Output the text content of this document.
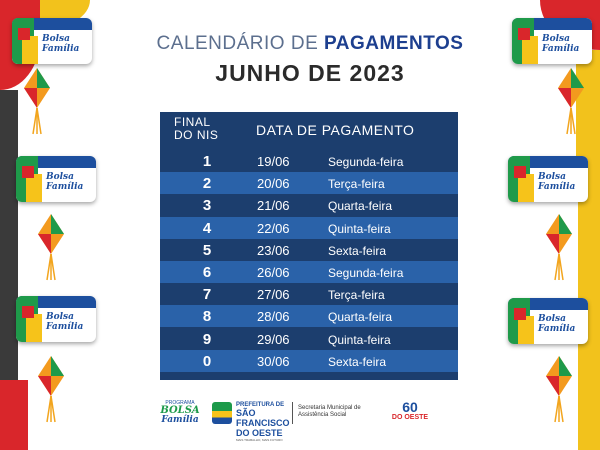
Bolsa Família
Bolsa Família
Bolsa Família
Bolsa Família
Bolsa Família
Bolsa Família
CALENDÁRIO DE PAGAMENTOS
JUNHO DE 2023
FINAL DO NIS	DATA DE PAGAMENTO
1	19/06	Segunda-feira
2	20/06	Terça-feira
3	21/06	Quarta-feira
4	22/06	Quinta-feira
5	23/06	Sexta-feira
6	26/06	Segunda-feira
7	27/06	Terça-feira
8	28/06	Quarta-feira
9	29/06	Quinta-feira
0	30/06	Sexta-feira
PROGRAMA
BOLSA
Família
PREFEITURA DE
SÃO FRANCISCO DO OESTE
MAIS TRABALHO, MAIS FUTURO
Secretaria Municipal de Assistência Social	60
DO OESTE
